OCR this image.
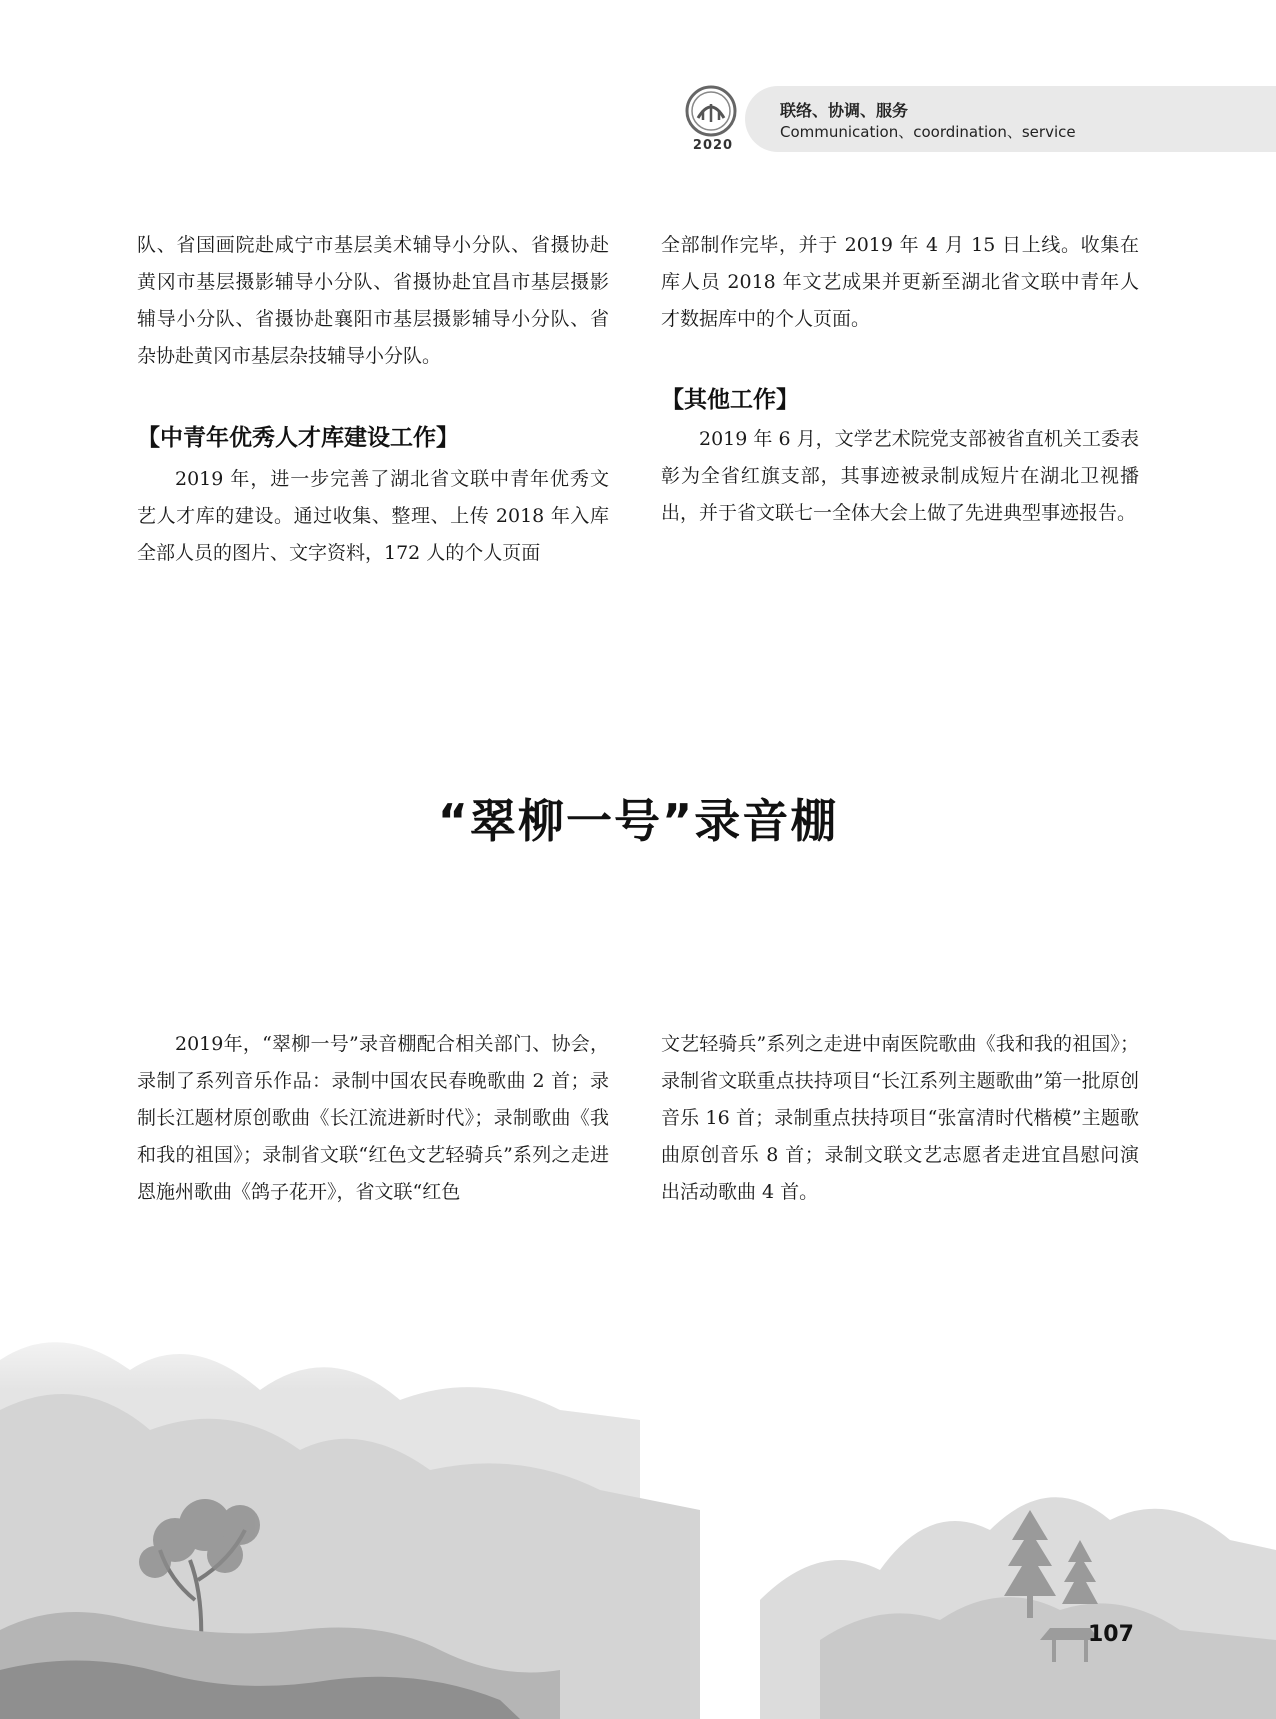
2020
联络、协调、服务
Communication、coordination、service

队、省国画院赴咸宁市基层美术辅导小分队、省摄协赴黄冈市基层摄影辅导小分队、省摄协赴宜昌市基层摄影辅导小分队、省摄协赴襄阳市基层摄影辅导小分队、省杂协赴黄冈市基层杂技辅导小分队。

【中青年优秀人才库建设工作】

2019 年，进一步完善了湖北省文联中青年优秀文艺人才库的建设。通过收集、整理、上传 2018 年入库全部人员的图片、文字资料，172 人的个人页面

全部制作完毕，并于 2019 年 4 月 15 日上线。收集在库人员 2018 年文艺成果并更新至湖北省文联中青年人才数据库中的个人页面。

【其他工作】

2019 年 6 月，文学艺术院党支部被省直机关工委表彰为全省红旗支部，其事迹被录制成短片在湖北卫视播出，并于省文联七一全体大会上做了先进典型事迹报告。

“翠柳一号”录音棚

2019年，“翠柳一号”录音棚配合相关部门、协会，录制了系列音乐作品：录制中国农民春晚歌曲 2 首；录制长江题材原创歌曲《长江流进新时代》；录制歌曲《我和我的祖国》；录制省文联“红色文艺轻骑兵”系列之走进恩施州歌曲《鸽子花开》，省文联“红色

文艺轻骑兵”系列之走进中南医院歌曲《我和我的祖国》；录制省文联重点扶持项目“长江系列主题歌曲”第一批原创音乐 16 首；录制重点扶持项目“张富清时代楷模”主题歌曲原创音乐 8 首；录制文联文艺志愿者走进宜昌慰问演出活动歌曲 4 首。

107
